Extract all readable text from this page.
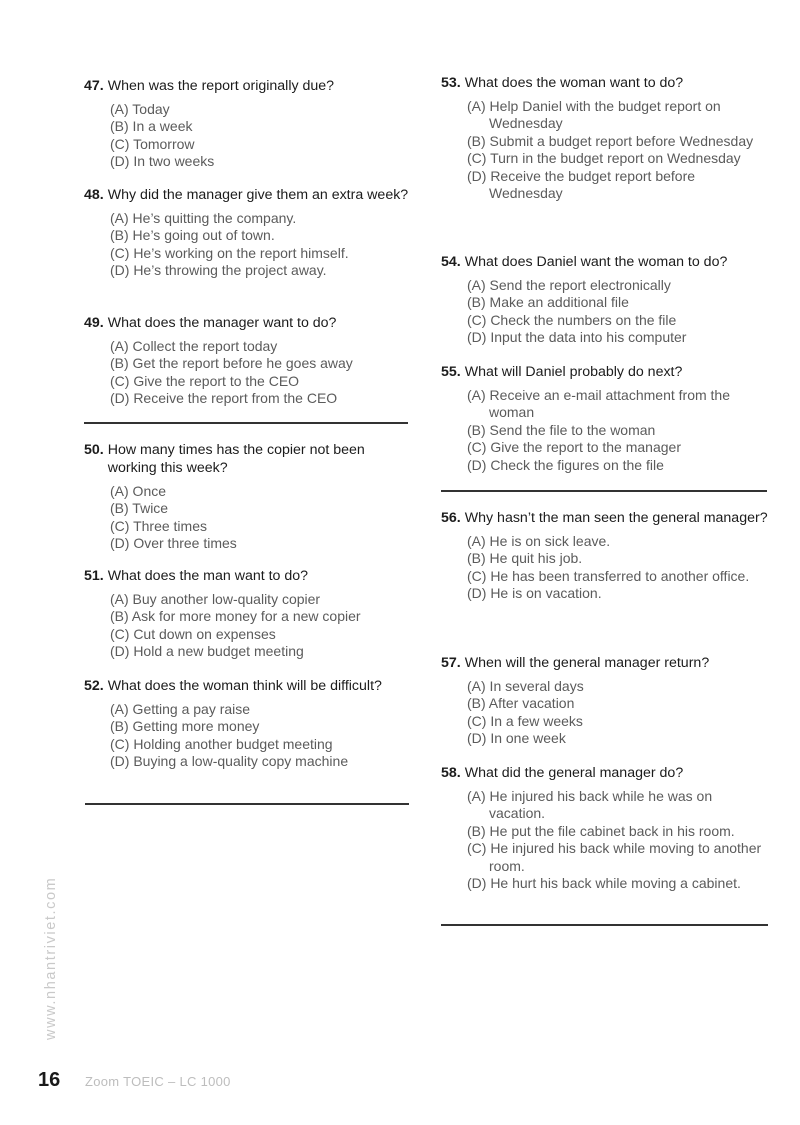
47. When was the report originally due?
(A) Today
(B) In a week
(C) Tomorrow
(D) In two weeks
48. Why did the manager give them an extra week?
(A) He’s quitting the company.
(B) He’s going out of town.
(C) He’s working on the report himself.
(D) He’s throwing the project away.
49. What does the manager want to do?
(A) Collect the report today
(B) Get the report before he goes away
(C) Give the report to the CEO
(D) Receive the report from the CEO
50. How many times has the copier not been working this week?
(A) Once
(B) Twice
(C) Three times
(D) Over three times
51. What does the man want to do?
(A) Buy another low-quality copier
(B) Ask for more money for a new copier
(C) Cut down on expenses
(D) Hold a new budget meeting
52. What does the woman think will be difficult?
(A) Getting a pay raise
(B) Getting more money
(C) Holding another budget meeting
(D) Buying a low-quality copy machine
53. What does the woman want to do?
(A) Help Daniel with the budget report on Wednesday
(B) Submit a budget report before Wednesday
(C) Turn in the budget report on Wednesday
(D) Receive the budget report before Wednesday
54. What does Daniel want the woman to do?
(A) Send the report electronically
(B) Make an additional file
(C) Check the numbers on the file
(D) Input the data into his computer
55. What will Daniel probably do next?
(A) Receive an e-mail attachment from the woman
(B) Send the file to the woman
(C) Give the report to the manager
(D) Check the figures on the file
56. Why hasn’t the man seen the general manager?
(A) He is on sick leave.
(B) He quit his job.
(C) He has been transferred to another office.
(D) He is on vacation.
57. When will the general manager return?
(A) In several days
(B) After vacation
(C) In a few weeks
(D) In one week
58. What did the general manager do?
(A) He injured his back while he was on vacation.
(B) He put the file cabinet back in his room.
(C) He injured his back while moving to another room.
(D) He hurt his back while moving a cabinet.
www.nhantriviet.com
16 Zoom TOEIC – LC 1000
